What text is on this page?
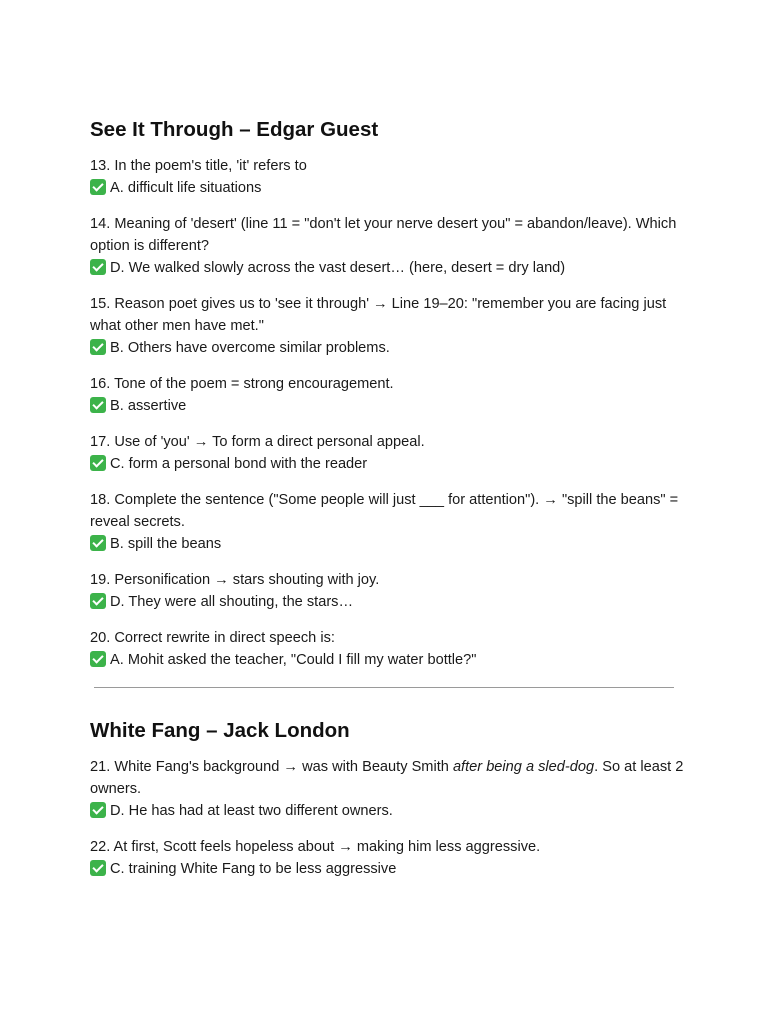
See It Through – Edgar Guest

13. In the poem's title, 'it' refers to

A. difficult life situations

14. Meaning of 'desert' (line 11 = "don't let your nerve desert you" = abandon/leave). Which option is different?

D. We walked slowly across the vast desert… (here, desert = dry land)

15. Reason poet gives us to 'see it through' → Line 19–20: "remember you are facing just what other men have met."

B. Others have overcome similar problems.

16. Tone of the poem = strong encouragement.

B. assertive

17. Use of 'you' → To form a direct personal appeal.

C. form a personal bond with the reader

18. Complete the sentence ("Some people will just ___ for attention"). → "spill the beans" = reveal secrets.

B. spill the beans

19. Personification → stars shouting with joy.

D. They were all shouting, the stars…

20. Correct rewrite in direct speech is:

A. Mohit asked the teacher, "Could I fill my water bottle?"

White Fang – Jack London

21. White Fang's background → was with Beauty Smith after being a sled-dog. So at least 2 owners.

D. He has had at least two different owners.

22. At first, Scott feels hopeless about → making him less aggressive.

C. training White Fang to be less aggressive
